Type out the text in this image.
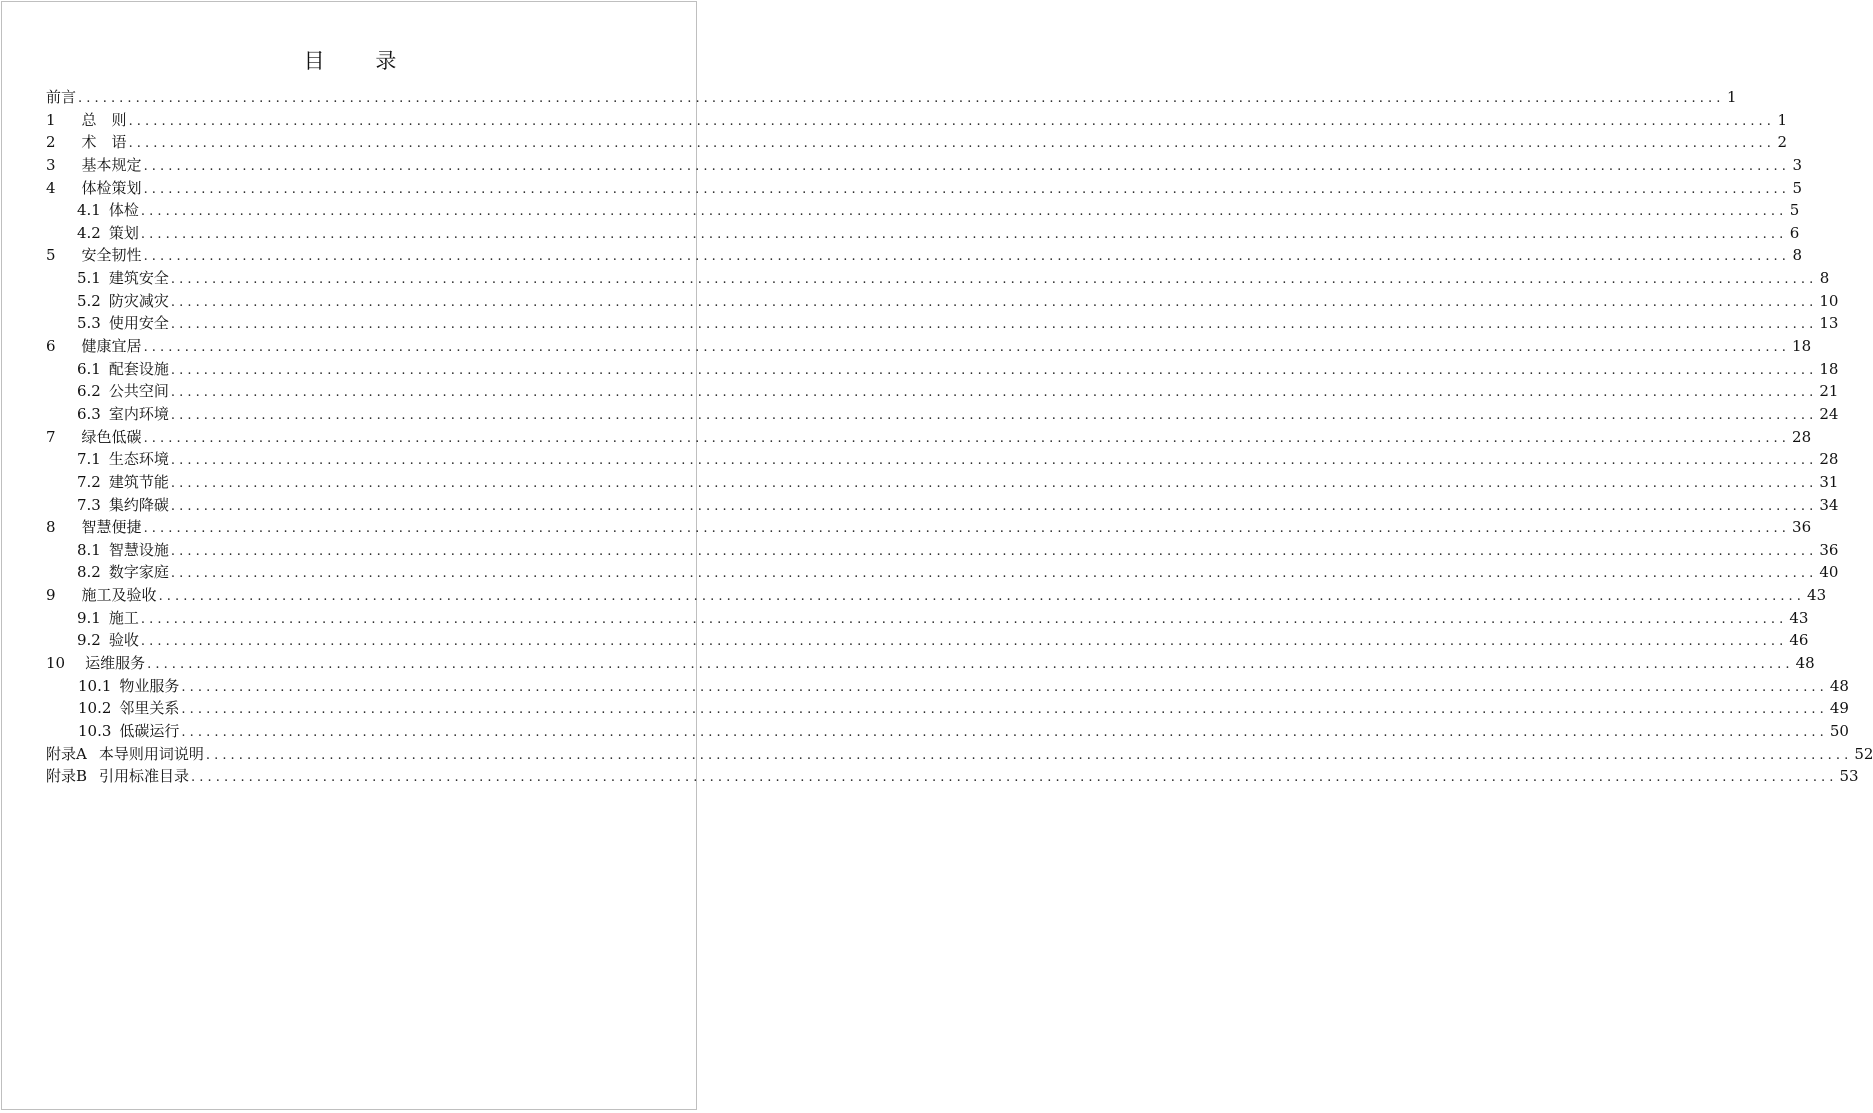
目 录
前言 ........................................................................................................................................................................................................ 1
1 总　则 ........................................................................................................................................................................................................ 1
2 术　语 ........................................................................................................................................................................................................ 2
3 基本规定 ........................................................................................................................................................................................................ 3
4 体检策划 ........................................................................................................................................................................................................ 5
4.1 体检 ........................................................................................................................................................................................................ 5
4.2 策划 ........................................................................................................................................................................................................ 6
5 安全韧性 ........................................................................................................................................................................................................ 8
5.1 建筑安全 ........................................................................................................................................................................................................ 8
5.2 防灾减灾 ........................................................................................................................................................................................................ 10
5.3 使用安全 ........................................................................................................................................................................................................ 13
6 健康宜居 ........................................................................................................................................................................................................ 18
6.1 配套设施 ........................................................................................................................................................................................................ 18
6.2 公共空间 ........................................................................................................................................................................................................ 21
6.3 室内环境 ........................................................................................................................................................................................................ 24
7 绿色低碳 ........................................................................................................................................................................................................ 28
7.1 生态环境 ........................................................................................................................................................................................................ 28
7.2 建筑节能 ........................................................................................................................................................................................................ 31
7.3 集约降碳 ........................................................................................................................................................................................................ 34
8 智慧便捷 ........................................................................................................................................................................................................ 36
8.1 智慧设施 ........................................................................................................................................................................................................ 36
8.2 数字家庭 ........................................................................................................................................................................................................ 40
9 施工及验收 ........................................................................................................................................................................................................ 43
9.1 施工 ........................................................................................................................................................................................................ 43
9.2 验收 ........................................................................................................................................................................................................ 46
10 运维服务 ........................................................................................................................................................................................................ 48
10.1 物业服务 ........................................................................................................................................................................................................ 48
10.2 邻里关系 ........................................................................................................................................................................................................ 49
10.3 低碳运行 ........................................................................................................................................................................................................ 50
附录A 本导则用词说明 ........................................................................................................................................................................................................ 52
附录B 引用标准目录 ........................................................................................................................................................................................................ 53
